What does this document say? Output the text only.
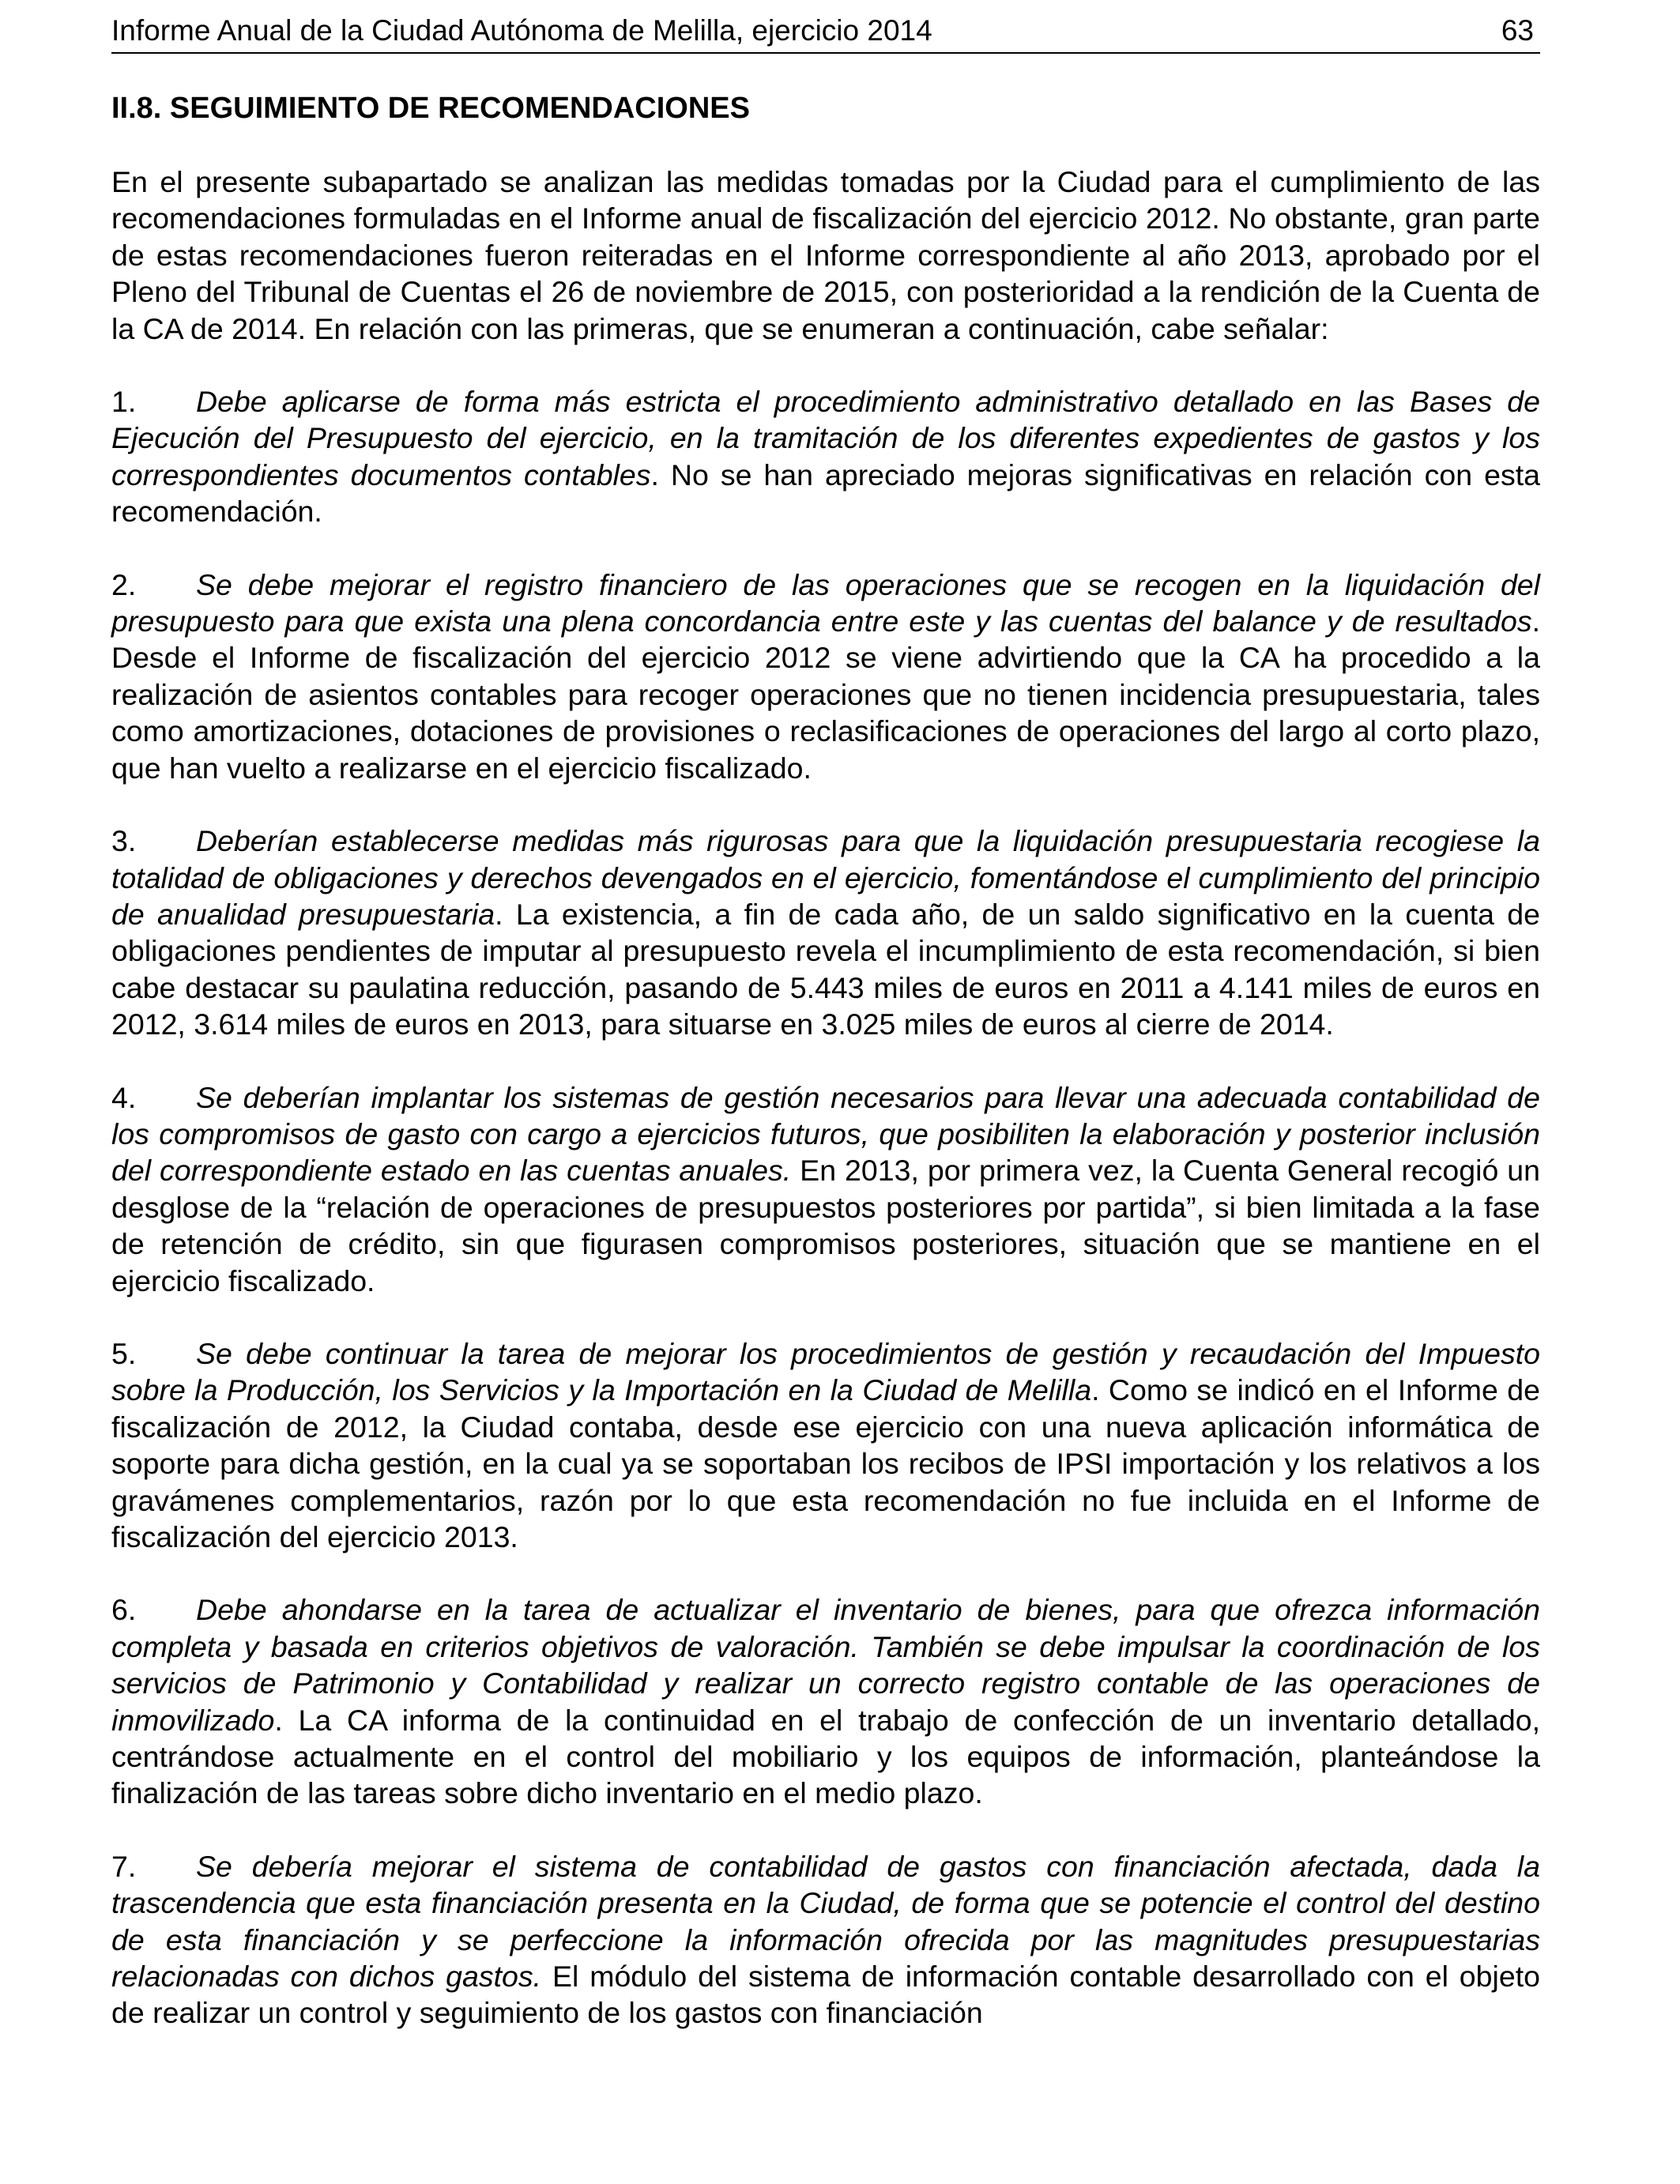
Informe Anual de la Ciudad Autónoma de Melilla, ejercicio 2014	63
II.8. SEGUIMIENTO DE RECOMENDACIONES

En el presente subapartado se analizan las medidas tomadas por la Ciudad para el cumplimiento de las recomendaciones formuladas en el Informe anual de fiscalización del ejercicio 2012. No obstante, gran parte de estas recomendaciones fueron reiteradas en el Informe correspondiente al año 2013, aprobado por el Pleno del Tribunal de Cuentas el 26 de noviembre de 2015, con posterioridad a la rendición de la Cuenta de la CA de 2014. En relación con las primeras, que se enumeran a continuación, cabe señalar:

1. Debe aplicarse de forma más estricta el procedimiento administrativo detallado en las Bases de Ejecución del Presupuesto del ejercicio, en la tramitación de los diferentes expedientes de gastos y los correspondientes documentos contables. No se han apreciado mejoras significativas en relación con esta recomendación.

2. Se debe mejorar el registro financiero de las operaciones que se recogen en la liquidación del presupuesto para que exista una plena concordancia entre este y las cuentas del balance y de resultados. Desde el Informe de fiscalización del ejercicio 2012 se viene advirtiendo que la CA ha procedido a la realización de asientos contables para recoger operaciones que no tienen incidencia presupuestaria, tales como amortizaciones, dotaciones de provisiones o reclasificaciones de operaciones del largo al corto plazo, que han vuelto a realizarse en el ejercicio fiscalizado.

3. Deberían establecerse medidas más rigurosas para que la liquidación presupuestaria recogiese la totalidad de obligaciones y derechos devengados en el ejercicio, fomentándose el cumplimiento del principio de anualidad presupuestaria. La existencia, a fin de cada año, de un saldo significativo en la cuenta de obligaciones pendientes de imputar al presupuesto revela el incumplimiento de esta recomendación, si bien cabe destacar su paulatina reducción, pasando de 5.443 miles de euros en 2011 a 4.141 miles de euros en 2012, 3.614 miles de euros en 2013, para situarse en 3.025 miles de euros al cierre de 2014.

4. Se deberían implantar los sistemas de gestión necesarios para llevar una adecuada contabilidad de los compromisos de gasto con cargo a ejercicios futuros, que posibiliten la elaboración y posterior inclusión del correspondiente estado en las cuentas anuales. En 2013, por primera vez, la Cuenta General recogió un desglose de la “relación de operaciones de presupuestos posteriores por partida”, si bien limitada a la fase de retención de crédito, sin que figurasen compromisos posteriores, situación que se mantiene en el ejercicio fiscalizado.

5. Se debe continuar la tarea de mejorar los procedimientos de gestión y recaudación del Impuesto sobre la Producción, los Servicios y la Importación en la Ciudad de Melilla. Como se indicó en el Informe de fiscalización de 2012, la Ciudad contaba, desde ese ejercicio con una nueva aplicación informática de soporte para dicha gestión, en la cual ya se soportaban los recibos de IPSI importación y los relativos a los gravámenes complementarios, razón por lo que esta recomendación no fue incluida en el Informe de fiscalización del ejercicio 2013.

6. Debe ahondarse en la tarea de actualizar el inventario de bienes, para que ofrezca información completa y basada en criterios objetivos de valoración. También se debe impulsar la coordinación de los servicios de Patrimonio y Contabilidad y realizar un correcto registro contable de las operaciones de inmovilizado. La CA informa de la continuidad en el trabajo de confección de un inventario detallado, centrándose actualmente en el control del mobiliario y los equipos de información, planteándose la finalización de las tareas sobre dicho inventario en el medio plazo.

7. Se debería mejorar el sistema de contabilidad de gastos con financiación afectada, dada la trascendencia que esta financiación presenta en la Ciudad, de forma que se potencie el control del destino de esta financiación y se perfeccione la información ofrecida por las magnitudes presupuestarias relacionadas con dichos gastos. El módulo del sistema de información contable desarrollado con el objeto de realizar un control y seguimiento de los gastos con financiación
